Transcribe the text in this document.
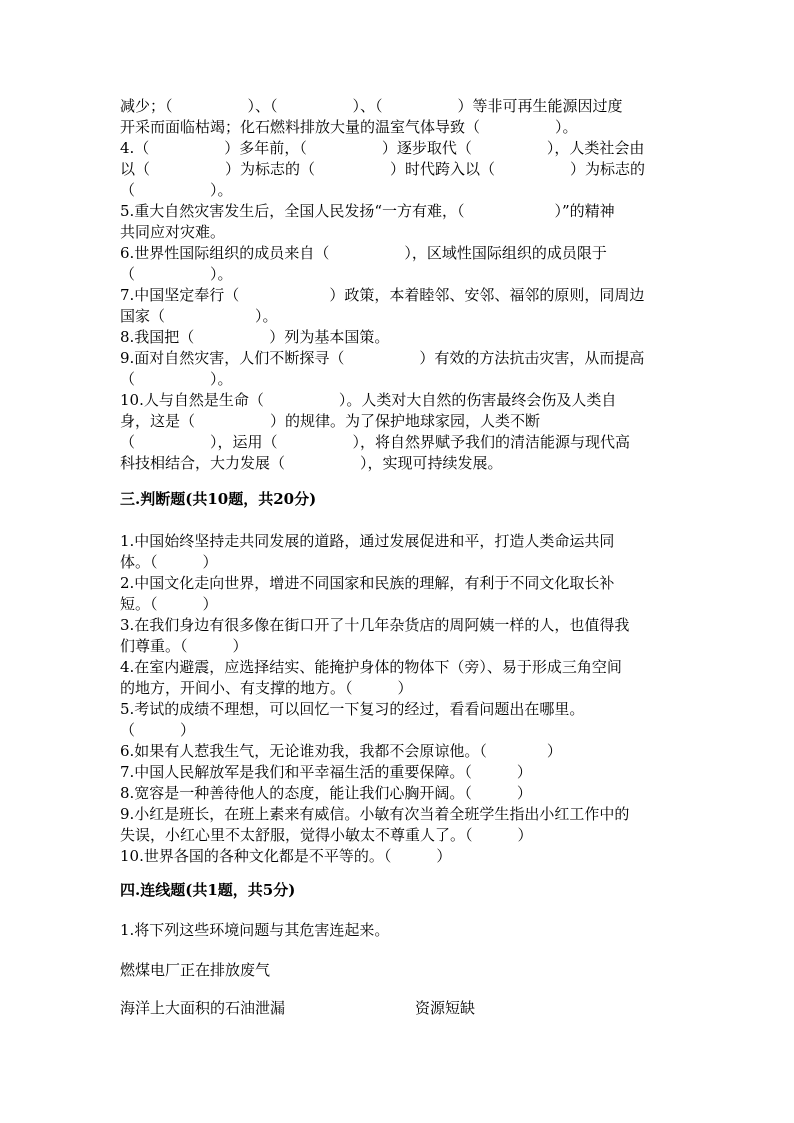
减少；（　　　　　）、（　　　　　）、（　　　　　）等非可再生能源因过度
开采而面临枯竭；化石燃料排放大量的温室气体导致（　　　　　）。
4.（　　　　　）多年前，（　　　　　）逐步取代（　　　　　），人类社会由
以（　　　　　）为标志的（　　　　　）时代跨入以（　　　　　）为标志的
（　　　　　）。
5.重大自然灾害发生后，全国人民发扬“一方有难，（　　　　　　）”的精神
共同应对灾难。
6.世界性国际组织的成员来自（　　　　　），区域性国际组织的成员限于
（　　　　　）。
7.中国坚定奉行（　　　　　　）政策，本着睦邻、安邻、福邻的原则，同周边
国家（　　　　　　）。
8.我国把（　　　　　）列为基本国策。
9.面对自然灾害，人们不断探寻（　　　　　）有效的方法抗击灾害，从而提高
（　　　　　）。
10.人与自然是生命（　　　　　）。人类对大自然的伤害最终会伤及人类自
身，这是（　　　　　）的规律。为了保护地球家园，人类不断
（　　　　　），运用（　　　　　），将自然界赋予我们的清洁能源与现代高
科技相结合，大力发展（　　　　　），实现可持续发展。
三.判断题(共10题，共20分)
1.中国始终坚持走共同发展的道路，通过发展促进和平，打造人类命运共同
体。（　　　）
2.中国文化走向世界，增进不同国家和民族的理解，有利于不同文化取长补
短。（　　　）
3.在我们身边有很多像在街口开了十几年杂货店的周阿姨一样的人，也值得我
们尊重。（　　　）
4.在室内避震，应选择结实、能掩护身体的物体下（旁）、易于形成三角空间
的地方，开间小、有支撑的地方。（　　　）
5.考试的成绩不理想，可以回忆一下复习的经过，看看问题出在哪里。
（　　　）
6.如果有人惹我生气，无论谁劝我，我都不会原谅他。（　　　　）
7.中国人民解放军是我们和平幸福生活的重要保障。（　　　）
8.宽容是一种善待他人的态度，能让我们心胸开阔。（　　　）
9.小红是班长，在班上素来有威信。小敏有次当着全班学生指出小红工作中的
失误，小红心里不太舒服，觉得小敏太不尊重人了。（　　　）
10.世界各国的各种文化都是不平等的。（　　　）
四.连线题(共1题，共5分)
1.将下列这些环境问题与其危害连起来。
燃煤电厂正在排放废气
海洋上大面积的石油泄漏	资源短缺
